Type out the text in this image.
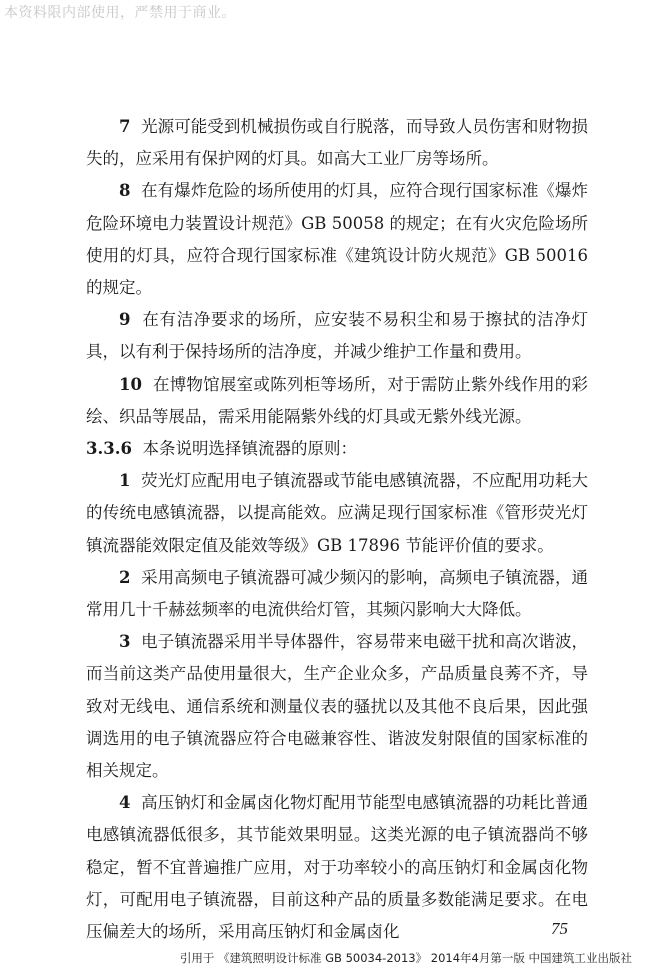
本资料限内部使用，严禁用于商业。

7 光源可能受到机械损伤或自行脱落，而导致人员伤害和财物损失的，应采用有保护网的灯具。如高大工业厂房等场所。

8 在有爆炸危险的场所使用的灯具，应符合现行国家标准《爆炸危险环境电力装置设计规范》GB 50058 的规定；在有火灾危险场所使用的灯具，应符合现行国家标准《建筑设计防火规范》GB 50016 的规定。

9 在有洁净要求的场所，应安装不易积尘和易于擦拭的洁净灯具，以有利于保持场所的洁净度，并减少维护工作量和费用。

10 在博物馆展室或陈列柜等场所，对于需防止紫外线作用的彩绘、织品等展品，需采用能隔紫外线的灯具或无紫外线光源。

3.3.6 本条说明选择镇流器的原则：

1 荧光灯应配用电子镇流器或节能电感镇流器，不应配用功耗大的传统电感镇流器，以提高能效。应满足现行国家标准《管形荧光灯镇流器能效限定值及能效等级》GB 17896 节能评价值的要求。

2 采用高频电子镇流器可减少频闪的影响，高频电子镇流器，通常用几十千赫兹频率的电流供给灯管，其频闪影响大大降低。

3 电子镇流器采用半导体器件，容易带来电磁干扰和高次谐波，而当前这类产品使用量很大，生产企业众多，产品质量良莠不齐，导致对无线电、通信系统和测量仪表的骚扰以及其他不良后果，因此强调选用的电子镇流器应符合电磁兼容性、谐波发射限值的国家标准的相关规定。

4 高压钠灯和金属卤化物灯配用节能型电感镇流器的功耗比普通电感镇流器低很多，其节能效果明显。这类光源的电子镇流器尚不够稳定，暂不宜普遍推广应用，对于功率较小的高压钠灯和金属卤化物灯，可配用电子镇流器，目前这种产品的质量多数能满足要求。在电压偏差大的场所，采用高压钠灯和金属卤化	75
引用于 《建筑照明设计标准 GB 50034-2013》 2014年4月第一版 中国建筑工业出版社
